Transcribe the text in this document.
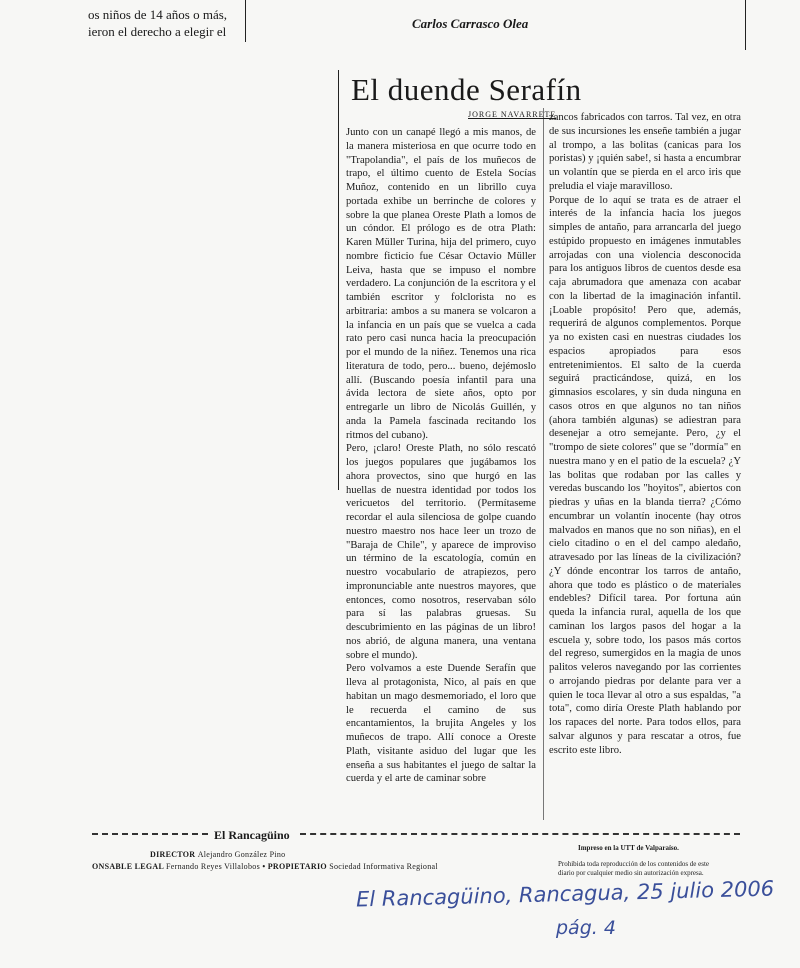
os niños de 14 años o más,
ieron el derecho a elegir el
Carlos Carrasco Olea
El duende Serafín
JORGE NAVARRETE

Junto con un canapé llegó a mis manos, de la manera misteriosa en que ocurre todo en "Trapolandia", el país de los muñecos de trapo, el último cuento de Estela Socías Muñoz, contenido en un librillo cuya portada exhibe un berrinche de colores y sobre la que planea Oreste Plath a lomos de un cóndor. El prólogo es de otra Plath: Karen Müller Turina, hija del primero, cuyo nombre ficticio fue César Octavio Müller Leiva, hasta que se impuso el nombre verdadero. La conjunción de la escritora y el también escritor y folclorista no es arbitraria: ambos a su manera se volcaron a la infancia en un país que se vuelca a cada rato pero casi nunca hacia la preocupación por el mundo de la niñez. Tenemos una rica literatura de todo, pero... bueno, dejémoslo allí. (Buscando poesía infantil para una ávida lectora de siete años, opto por entregarle un libro de Nicolás Guillén, y anda la Pamela fascinada recitando los ritmos del cubano).

Pero, ¡claro! Oreste Plath, no sólo rescató los juegos populares que jugábamos los ahora provectos, sino que hurgó en las huellas de nuestra identidad por todos los vericuetos del territorio. (Permítaseme recordar el aula silenciosa de golpe cuando nuestro maestro nos hace leer un trozo de "Baraja de Chile", y aparece de improviso un término de la escatología, común en nuestro vocabulario de atrapiezos, pero impronunciable ante nuestros mayores, que entonces, como nosotros, reservaban sólo para sí las palabras gruesas. Su descubrimiento en las páginas de un libro! nos abrió, de alguna manera, una ventana sobre el mundo).

Pero volvamos a este Duende Serafín que lleva al protagonista, Nico, al país en que habitan un mago desmemoriado, el loro que le recuerda el camino de sus encantamientos, la brujita Angeles y los muñecos de trapo. Allí conoce a Oreste Plath, visitante asiduo del lugar que les enseña a sus habitantes el juego de saltar la cuerda y el arte de caminar sobre

zancos fabricados con tarros. Tal vez, en otra de sus incursiones les enseñe también a jugar al trompo, a las bolitas (canicas para los poristas) y ¡quién sabe!, si hasta a encumbrar un volantín que se pierda en el arco iris que preludia el viaje maravilloso.

Porque de lo aquí se trata es de atraer el interés de la infancia hacia los juegos simples de antaño, para arrancarla del juego estúpido propuesto en imágenes inmutables arrojadas con una violencia desconocida para los antiguos libros de cuentos desde esa caja abrumadora que amenaza con acabar con la libertad de la imaginación infantil. ¡Loable propósito! Pero que, además, requerirá de algunos complementos. Porque ya no existen casi en nuestras ciudades los espacios apropiados para esos entretenimientos. El salto de la cuerda seguirá practicándose, quizá, en los gimnasios escolares, y sin duda ninguna en casos otros en que algunos no tan niños (ahora también algunas) se adiestran para desenejar a otro semejante. Pero, ¿y el "trompo de siete colores" que se "dormía" en nuestra mano y en el patio de la escuela? ¿Y las bolitas que rodaban por las calles y veredas buscando los "hoyitos", abiertos con piedras y uñas en la blanda tierra? ¿Cómo encumbrar un volantín inocente (hay otros malvados en manos que no son niñas), en el cielo citadino o en el del campo aledaño, atravesado por las líneas de la civilización? ¿Y dónde encontrar los tarros de antaño, ahora que todo es plástico o de materiales endebles? Difícil tarea. Por fortuna aún queda la infancia rural, aquella de los que caminan los largos pasos del hogar a la escuela y, sobre todo, los pasos más cortos del regreso, sumergidos en la magia de unos palitos veleros navegando por las corrientes o arrojando piedras por delante para ver a quien le toca llevar al otro a sus espaldas, "a tota", como diría Oreste Plath hablando por los rapaces del norte. Para todos ellos, para salvar algunos y para rescatar a otros, fue escrito este libro.

El Rancagüino
DIRECTOR Alejandro González Pino
ONSABLE LEGAL Fernando Reyes Villalobos • PROPIETARIO Sociedad Informativa Regional
Impreso en la UTT de Valparaíso.
Prohibida toda reproducción de los contenidos de este
diario por cualquier medio sin autorización expresa.
El Rancagüino, Rancagua, 25 julio 2006
pág. 4
